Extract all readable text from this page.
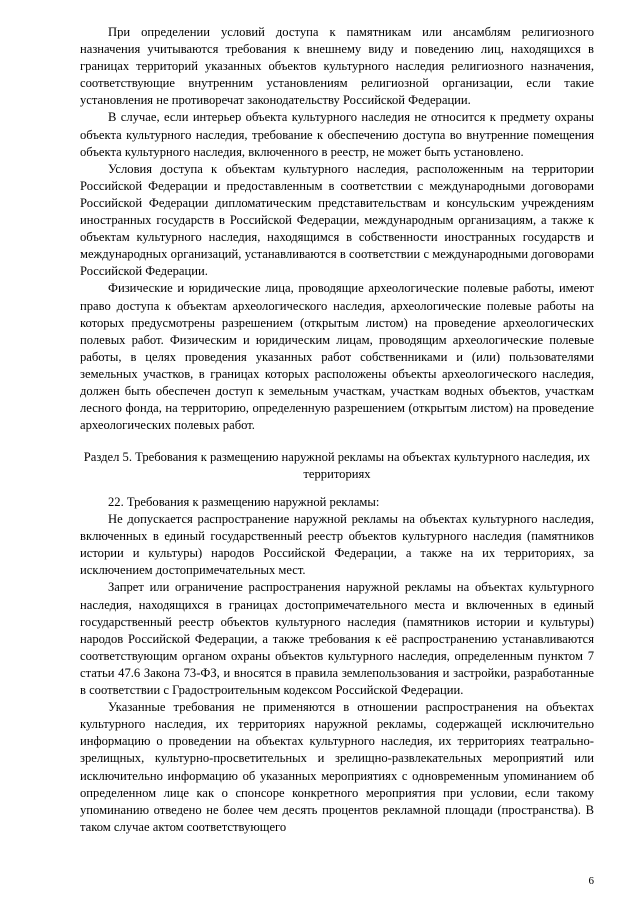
При определении условий доступа к памятникам или ансамблям религиозного назначения учитываются требования к внешнему виду и поведению лиц, находящихся в границах территорий указанных объектов культурного наследия религиозного назначения, соответствующие внутренним установлениям религиозной организации, если такие установления не противоречат законодательству Российской Федерации.

В случае, если интерьер объекта культурного наследия не относится к предмету охраны объекта культурного наследия, требование к обеспечению доступа во внутренние помещения объекта культурного наследия, включенного в реестр, не может быть установлено.

Условия доступа к объектам культурного наследия, расположенным на территории Российской Федерации и предоставленным в соответствии с международными договорами Российской Федерации дипломатическим представительствам и консульским учреждениям иностранных государств в Российской Федерации, международным организациям, а также к объектам культурного наследия, находящимся в собственности иностранных государств и международных организаций, устанавливаются в соответствии с международными договорами Российской Федерации.

Физические и юридические лица, проводящие археологические полевые работы, имеют право доступа к объектам археологического наследия, археологические полевые работы на которых предусмотрены разрешением (открытым листом) на проведение археологических полевых работ. Физическим и юридическим лицам, проводящим археологические полевые работы, в целях проведения указанных работ собственниками и (или) пользователями земельных участков, в границах которых расположены объекты археологического наследия, должен быть обеспечен доступ к земельным участкам, участкам водных объектов, участкам лесного фонда, на территорию, определенную разрешением (открытым листом) на проведение археологических полевых работ.

Раздел 5. Требования к размещению наружной рекламы на объектах культурного наследия, их территориях

22. Требования к размещению наружной рекламы:

Не допускается распространение наружной рекламы на объектах культурного наследия, включенных в единый государственный реестр объектов культурного наследия (памятников истории и культуры) народов Российской Федерации, а также на их территориях, за исключением достопримечательных мест.

Запрет или ограничение распространения наружной рекламы на объектах культурного наследия, находящихся в границах достопримечательного места и включенных в единый государственный реестр объектов культурного наследия (памятников истории и культуры) народов Российской Федерации, а также требования к её распространению устанавливаются соответствующим органом охраны объектов культурного наследия, определенным пунктом 7 статьи 47.6 Закона 73-ФЗ, и вносятся в правила землепользования и застройки, разработанные в соответствии с Градостроительным кодексом Российской Федерации.

Указанные требования не применяются в отношении распространения на объектах культурного наследия, их территориях наружной рекламы, содержащей исключительно информацию о проведении на объектах культурного наследия, их территориях театрально-зрелищных, культурно-просветительных и зрелищно-развлекательных мероприятий или исключительно информацию об указанных мероприятиях с одновременным упоминанием об определенном лице как о спонсоре конкретного мероприятия при условии, если такому упоминанию отведено не более чем десять процентов рекламной площади (пространства). В таком случае актом соответствующего

6
